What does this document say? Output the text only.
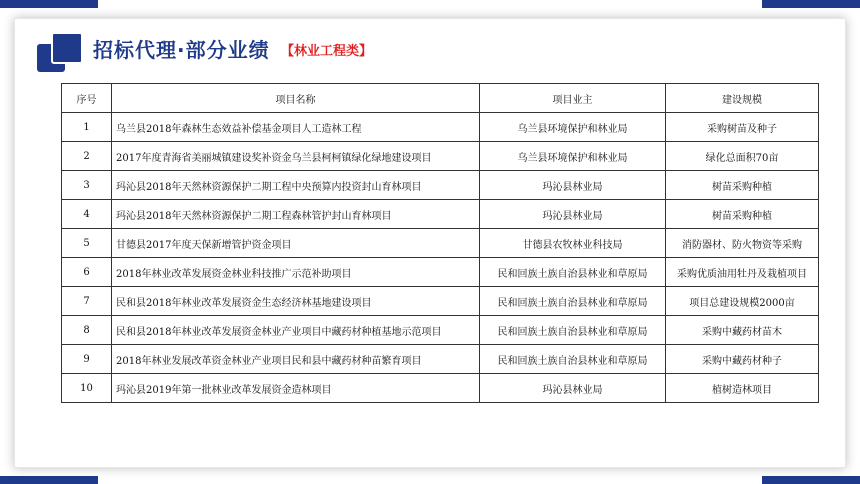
招标代理·部分业绩 【林业工程类】
序号	项目名称	项目业主	建设规模
1	乌兰县2018年森林生态效益补偿基金项目人工造林工程	乌兰县环境保护和林业局	采购树苗及种子
2	2017年度青海省美丽城镇建设奖补资金乌兰县柯柯镇绿化绿地建设项目	乌兰县环境保护和林业局	绿化总面积70亩
3	玛沁县2018年天然林资源保护二期工程中央预算内投资封山育林项目	玛沁县林业局	树苗采购种植
4	玛沁县2018年天然林资源保护二期工程森林管护封山育林项目	玛沁县林业局	树苗采购种植
5	甘德县2017年度天保新增管护资金项目	甘德县农牧林业科技局	消防器材、防火物资等采购
6	2018年林业改革发展资金林业科技推广示范补助项目	民和回族土族自治县林业和草原局	采购优质油用牡丹及栽植项目
7	民和县2018年林业改革发展资金生态经济林基地建设项目	民和回族土族自治县林业和草原局	项目总建设规模2000亩
8	民和县2018年林业改革发展资金林业产业项目中藏药材种植基地示范项目	民和回族土族自治县林业和草原局	采购中藏药材苗木
9	2018年林业发展改革资金林业产业项目民和县中藏药材种苗繁育项目	民和回族土族自治县林业和草原局	采购中藏药材种子
10	玛沁县2019年第一批林业改革发展资金造林项目	玛沁县林业局	植树造林项目
